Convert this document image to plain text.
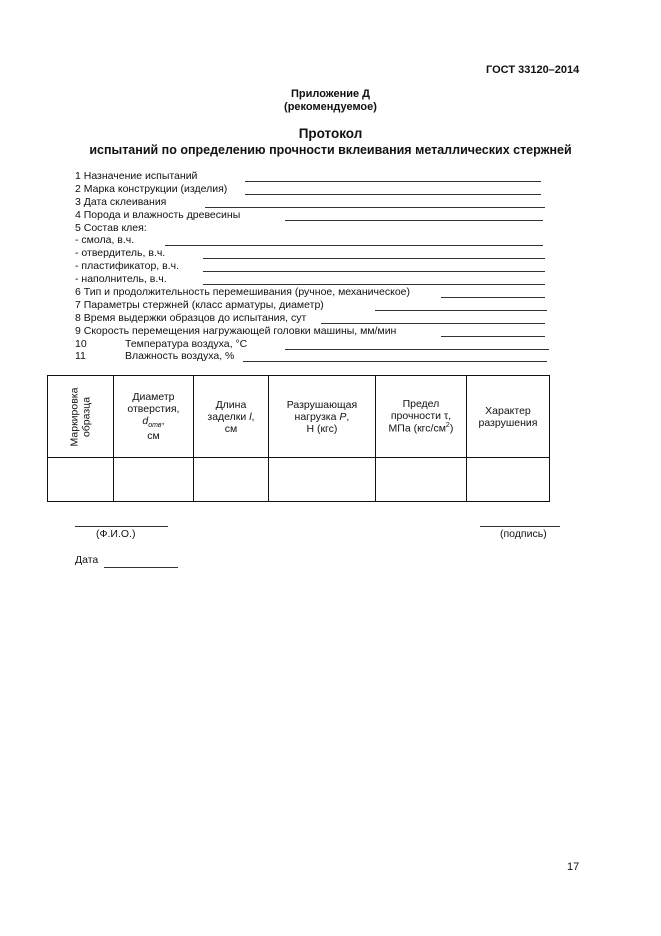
ГОСТ 33120–2014
Приложение Д
(рекомендуемое)
Протокол
испытаний по определению прочности вклеивания металлических стержней
1 Назначение испытаний
2 Марка конструкции (изделия)
3 Дата склеивания
4 Порода и влажность древесины
5 Состав клея:
- смола, в.ч.
- отвердитель, в.ч.
- пластификатор, в.ч.
- наполнитель, в.ч.
6 Тип и продолжительность перемешивания (ручное, механическое)
7 Параметры стержней (класс арматуры, диаметр)
8 Время выдержки образцов до испытания, сут
9 Скорость перемещения нагружающей головки машины, мм/мин
10	Температура воздуха, °С
11	Влажность воздуха, %
Маркировка
образца	Диаметр
отверстия,
$d_{отв}$,
см	Длина
заделки l,
см	Разрушающая
нагрузка P,
Н (кгс)	Предел
прочности τ,
МПа $(кгс/см^2)$	Характер разрушения

(Ф.И.О.)	(подпись)
Дата
17
